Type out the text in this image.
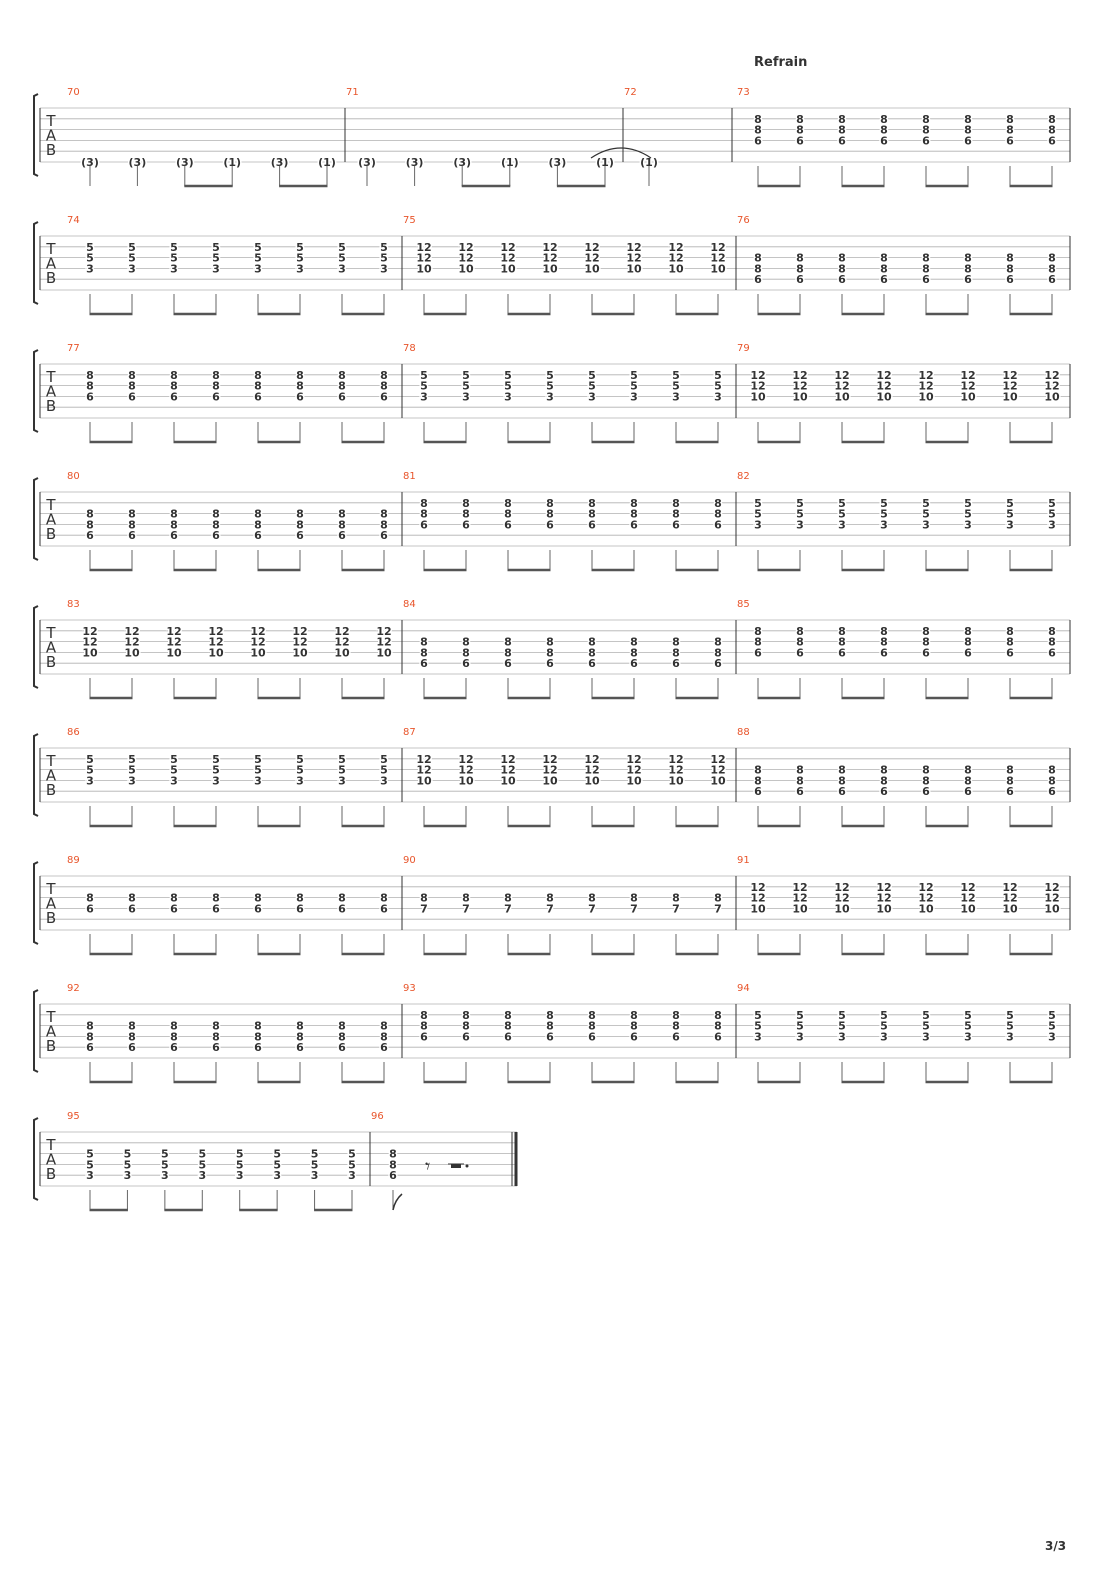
Refrain
T
A
B
70
(3)	(3)	(3)	(1)	(3)	(1)
71
(3)	(3)	(3)	(1)	(3)	(1)
72
(1)
73
8
8
6
8
8
6
8
8
6
8
8
6
8
8
6
8
8
6
8
8
6
8
8
6
T
A
B
74
5
5
3
5
5
3
5
5
3
5
5
3
5
5
3
5
5
3
5
5
3
5
5
3
75
12
12
10
12
12
10
12
12
10
12
12
10
12
12
10
12
12
10
12
12
10
12
12
10
76
8
8
6
8
8
6
8
8
6
8
8
6
8
8
6
8
8
6
8
8
6
8
8
6
T
A
B
77
8
8
6
8
8
6
8
8
6
8
8
6
8
8
6
8
8
6
8
8
6
8
8
6
78
5
5
3
5
5
3
5
5
3
5
5
3
5
5
3
5
5
3
5
5
3
5
5
3
79
12
12
10
12
12
10
12
12
10
12
12
10
12
12
10
12
12
10
12
12
10
12
12
10
T
A
B
80
8
8
6
8
8
6
8
8
6
8
8
6
8
8
6
8
8
6
8
8
6
8
8
6
81
8
8
6
8
8
6
8
8
6
8
8
6
8
8
6
8
8
6
8
8
6
8
8
6
82
5
5
3
5
5
3
5
5
3
5
5
3
5
5
3
5
5
3
5
5
3
5
5
3
T
A
B
83
12
12
10
12
12
10
12
12
10
12
12
10
12
12
10
12
12
10
12
12
10
12
12
10
84
8
8
6
8
8
6
8
8
6
8
8
6
8
8
6
8
8
6
8
8
6
8
8
6
85
8
8
6
8
8
6
8
8
6
8
8
6
8
8
6
8
8
6
8
8
6
8
8
6
T
A
B
86
5
5
3
5
5
3
5
5
3
5
5
3
5
5
3
5
5
3
5
5
3
5
5
3
87
12
12
10
12
12
10
12
12
10
12
12
10
12
12
10
12
12
10
12
12
10
12
12
10
88
8
8
6
8
8
6
8
8
6
8
8
6
8
8
6
8
8
6
8
8
6
8
8
6
T
A
B
89
8
6
8
6
8
6
8
6
8
6
8
6
8
6
8
6
90
8
7
8
7
8
7
8
7
8
7
8
7
8
7
8
7
91
12
12
10
12
12
10
12
12
10
12
12
10
12
12
10
12
12
10
12
12
10
12
12
10
T
A
B
92
8
8
6
8
8
6
8
8
6
8
8
6
8
8
6
8
8
6
8
8
6
8
8
6
93
8
8
6
8
8
6
8
8
6
8
8
6
8
8
6
8
8
6
8
8
6
8
8
6
94
5
5
3
5
5
3
5
5
3
5
5
3
5
5
3
5
5
3
5
5
3
5
5
3
T
A
B
95
5
5
3
5
5
3
5
5
3
5
5
3
5
5
3
5
5
3
5
5
3
5
5
3
96
8
8
6 𝄾
3/3
